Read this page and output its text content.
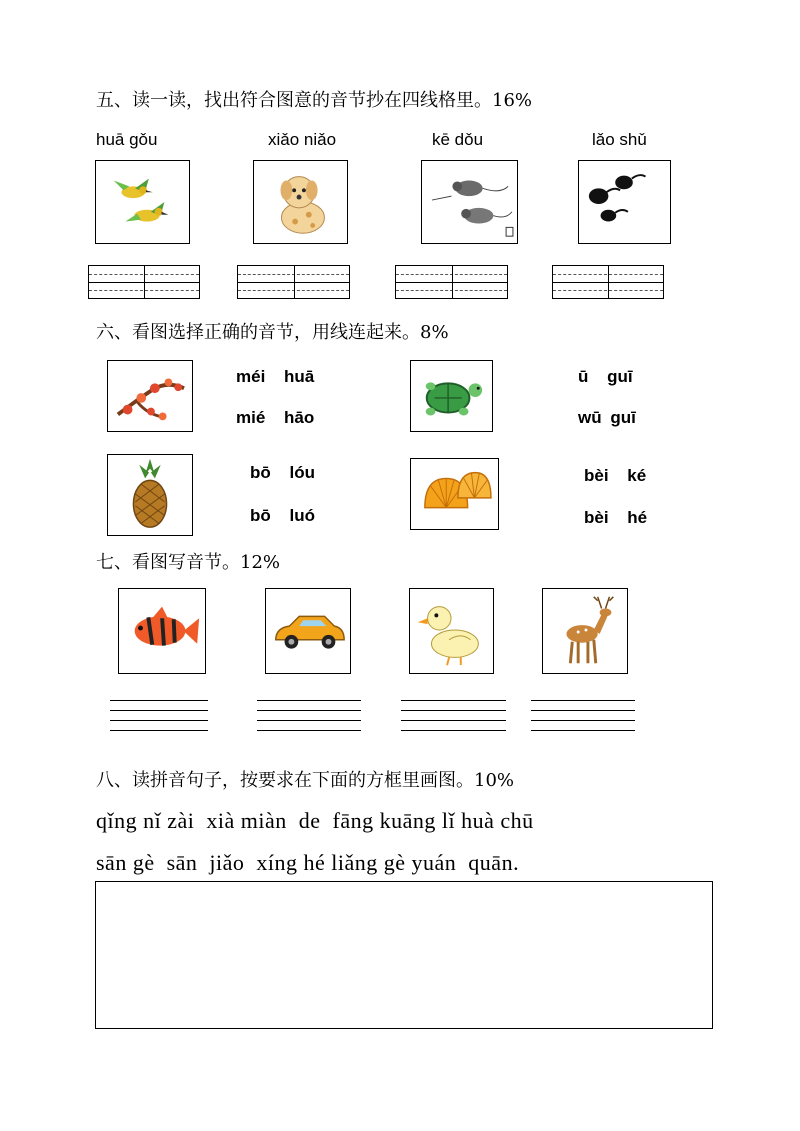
五、读一读，找出符合图意的音节抄在四线格里。16%
huā gǒu	xiǎo niǎo	kē dǒu	lǎo shǔ
六、看图选择正确的音节，用线连起来。8%
méi huā
mié hāo
ū guī
wū guī
bō lóu
bō luó
bèi ké
bèi hé
七、看图写音节。12%
八、读拼音句子，按要求在下面的方框里画图。10%
qǐng nǐ zài  xià miàn  de  fāng kuāng lǐ huà chū
sān gè  sān  jiǎo  xíng hé liǎng gè yuán  quān.
